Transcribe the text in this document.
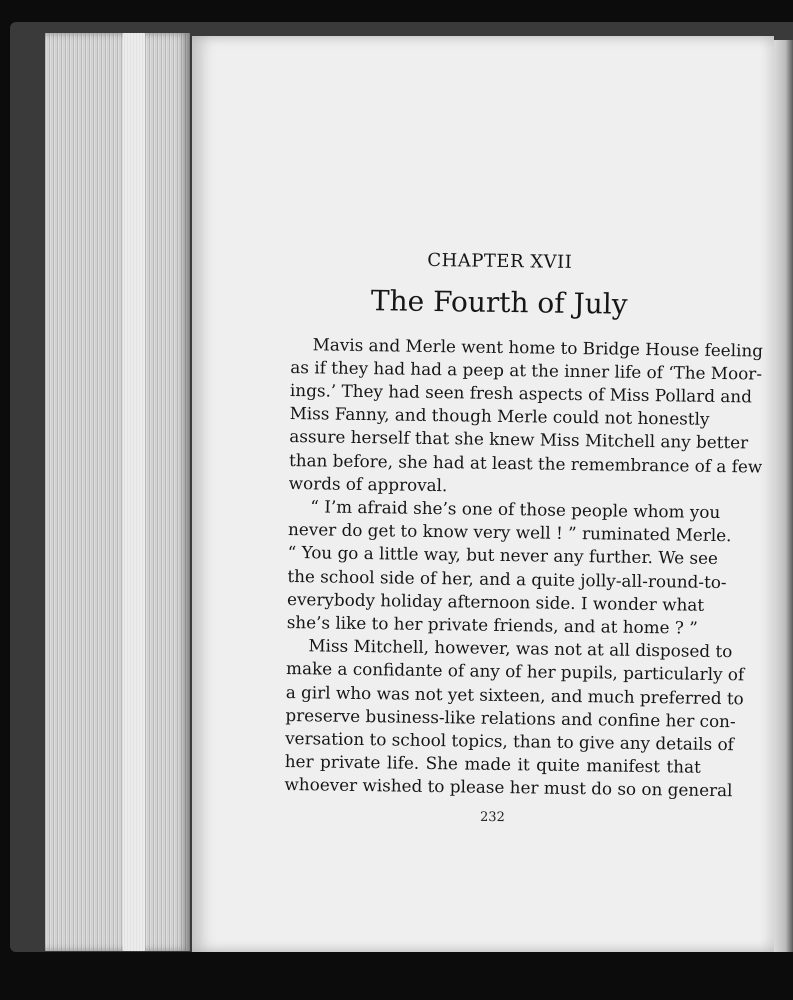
CHAPTER XVII
The Fourth of July
Mavis and Merle went home to Bridge House feeling
as if they had had a peep at the inner life of ‘The Moor-
ings.’ They had seen fresh aspects of Miss Pollard and
Miss Fanny, and though Merle could not honestly
assure herself that she knew Miss Mitchell any better
than before, she had at least the remembrance of a few
words of approval.
“ I’m afraid she’s one of those people whom you
never do get to know very well ! ” ruminated Merle.
“ You go a little way, but never any further. We see
the school side of her, and a quite jolly-all-round-to-
everybody holiday afternoon side. I wonder what
she’s like to her private friends, and at home ? ”
Miss Mitchell, however, was not at all disposed to
make a confidante of any of her pupils, particularly of
a girl who was not yet sixteen, and much preferred to
preserve business-like relations and confine her con-
versation to school topics, than to give any details of
her private life. She made it quite manifest that
whoever wished to please her must do so on general
232
